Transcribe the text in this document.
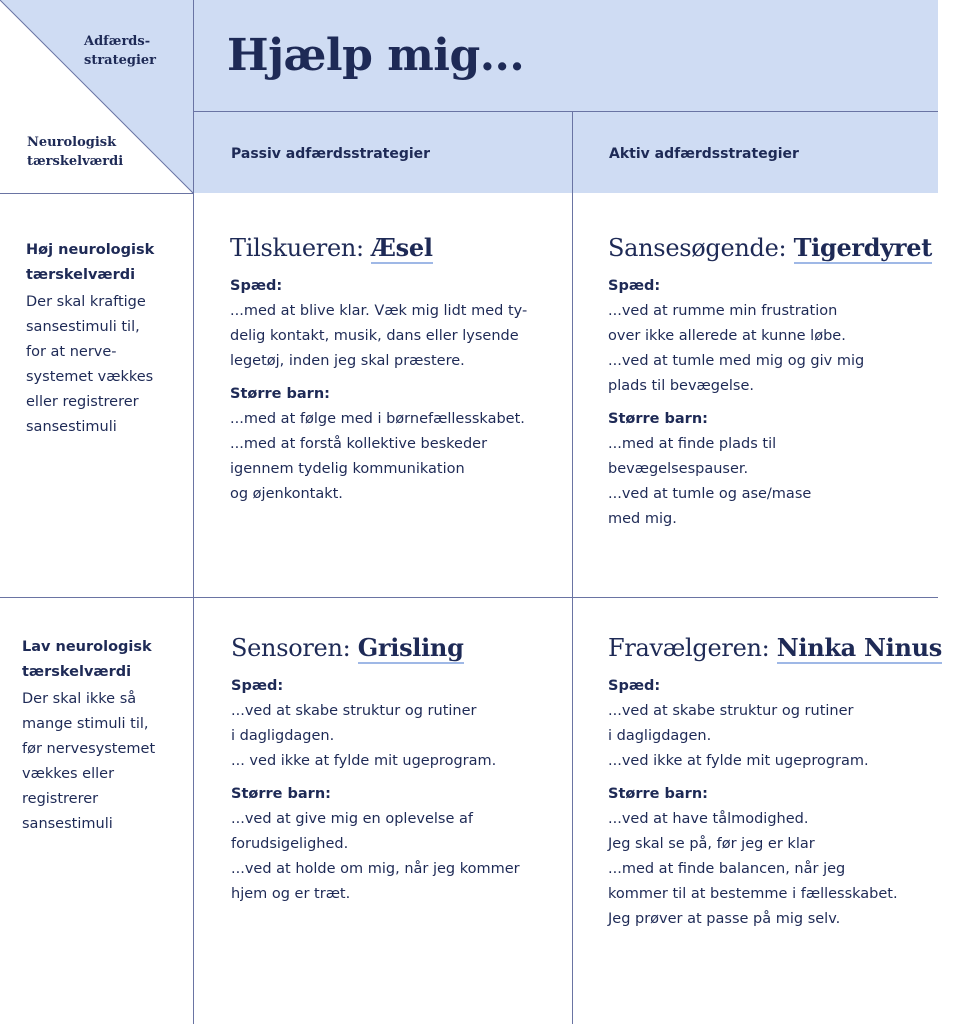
Adfærds-
strategier
Neurologisk
tærskelværdi
Hjælp mig...
Passiv adfærdsstrategier	Aktiv adfærdsstrategier
Høj neurologisk
tærskelværdi
Der skal kraftige
sansestimuli til,
for at nerve-
systemet vækkes
eller registrerer
sansestimuli
Lav neurologisk
tærskelværdi
Der skal ikke så
mange stimuli til,
før nervesystemet
vækkes eller
registrerer
sansestimuli
Tilskueren: Æsel
Spæd:
...med at blive klar. Væk mig lidt med ty-
delig kontakt, musik, dans eller lysende
legetøj, inden jeg skal præstere.
Større barn:
...med at følge med i børnefællesskabet.
...med at forstå kollektive beskeder
igennem tydelig kommunikation
og øjenkontakt.
Sansesøgende: Tigerdyret
Spæd:
...ved at rumme min frustration
over ikke allerede at kunne løbe.
...ved at tumle med mig og giv mig
plads til bevægelse.
Større barn:
...med at finde plads til
bevægelsespauser.
...ved at tumle og ase/mase
med mig.
Sensoren: Grisling
Spæd:
...ved at skabe struktur og rutiner
i dagligdagen.
... ved ikke at fylde mit ugeprogram.
Større barn:
...ved at give mig en oplevelse af
forudsigelighed.
...ved at holde om mig, når jeg kommer
hjem og er træt.
Fravælgeren: Ninka Ninus
Spæd:
...ved at skabe struktur og rutiner
i dagligdagen.
...ved ikke at fylde mit ugeprogram.
Større barn:
...ved at have tålmodighed.
Jeg skal se på, før jeg er klar
...med at finde balancen, når jeg
kommer til at bestemme i fællesskabet.
Jeg prøver at passe på mig selv.
